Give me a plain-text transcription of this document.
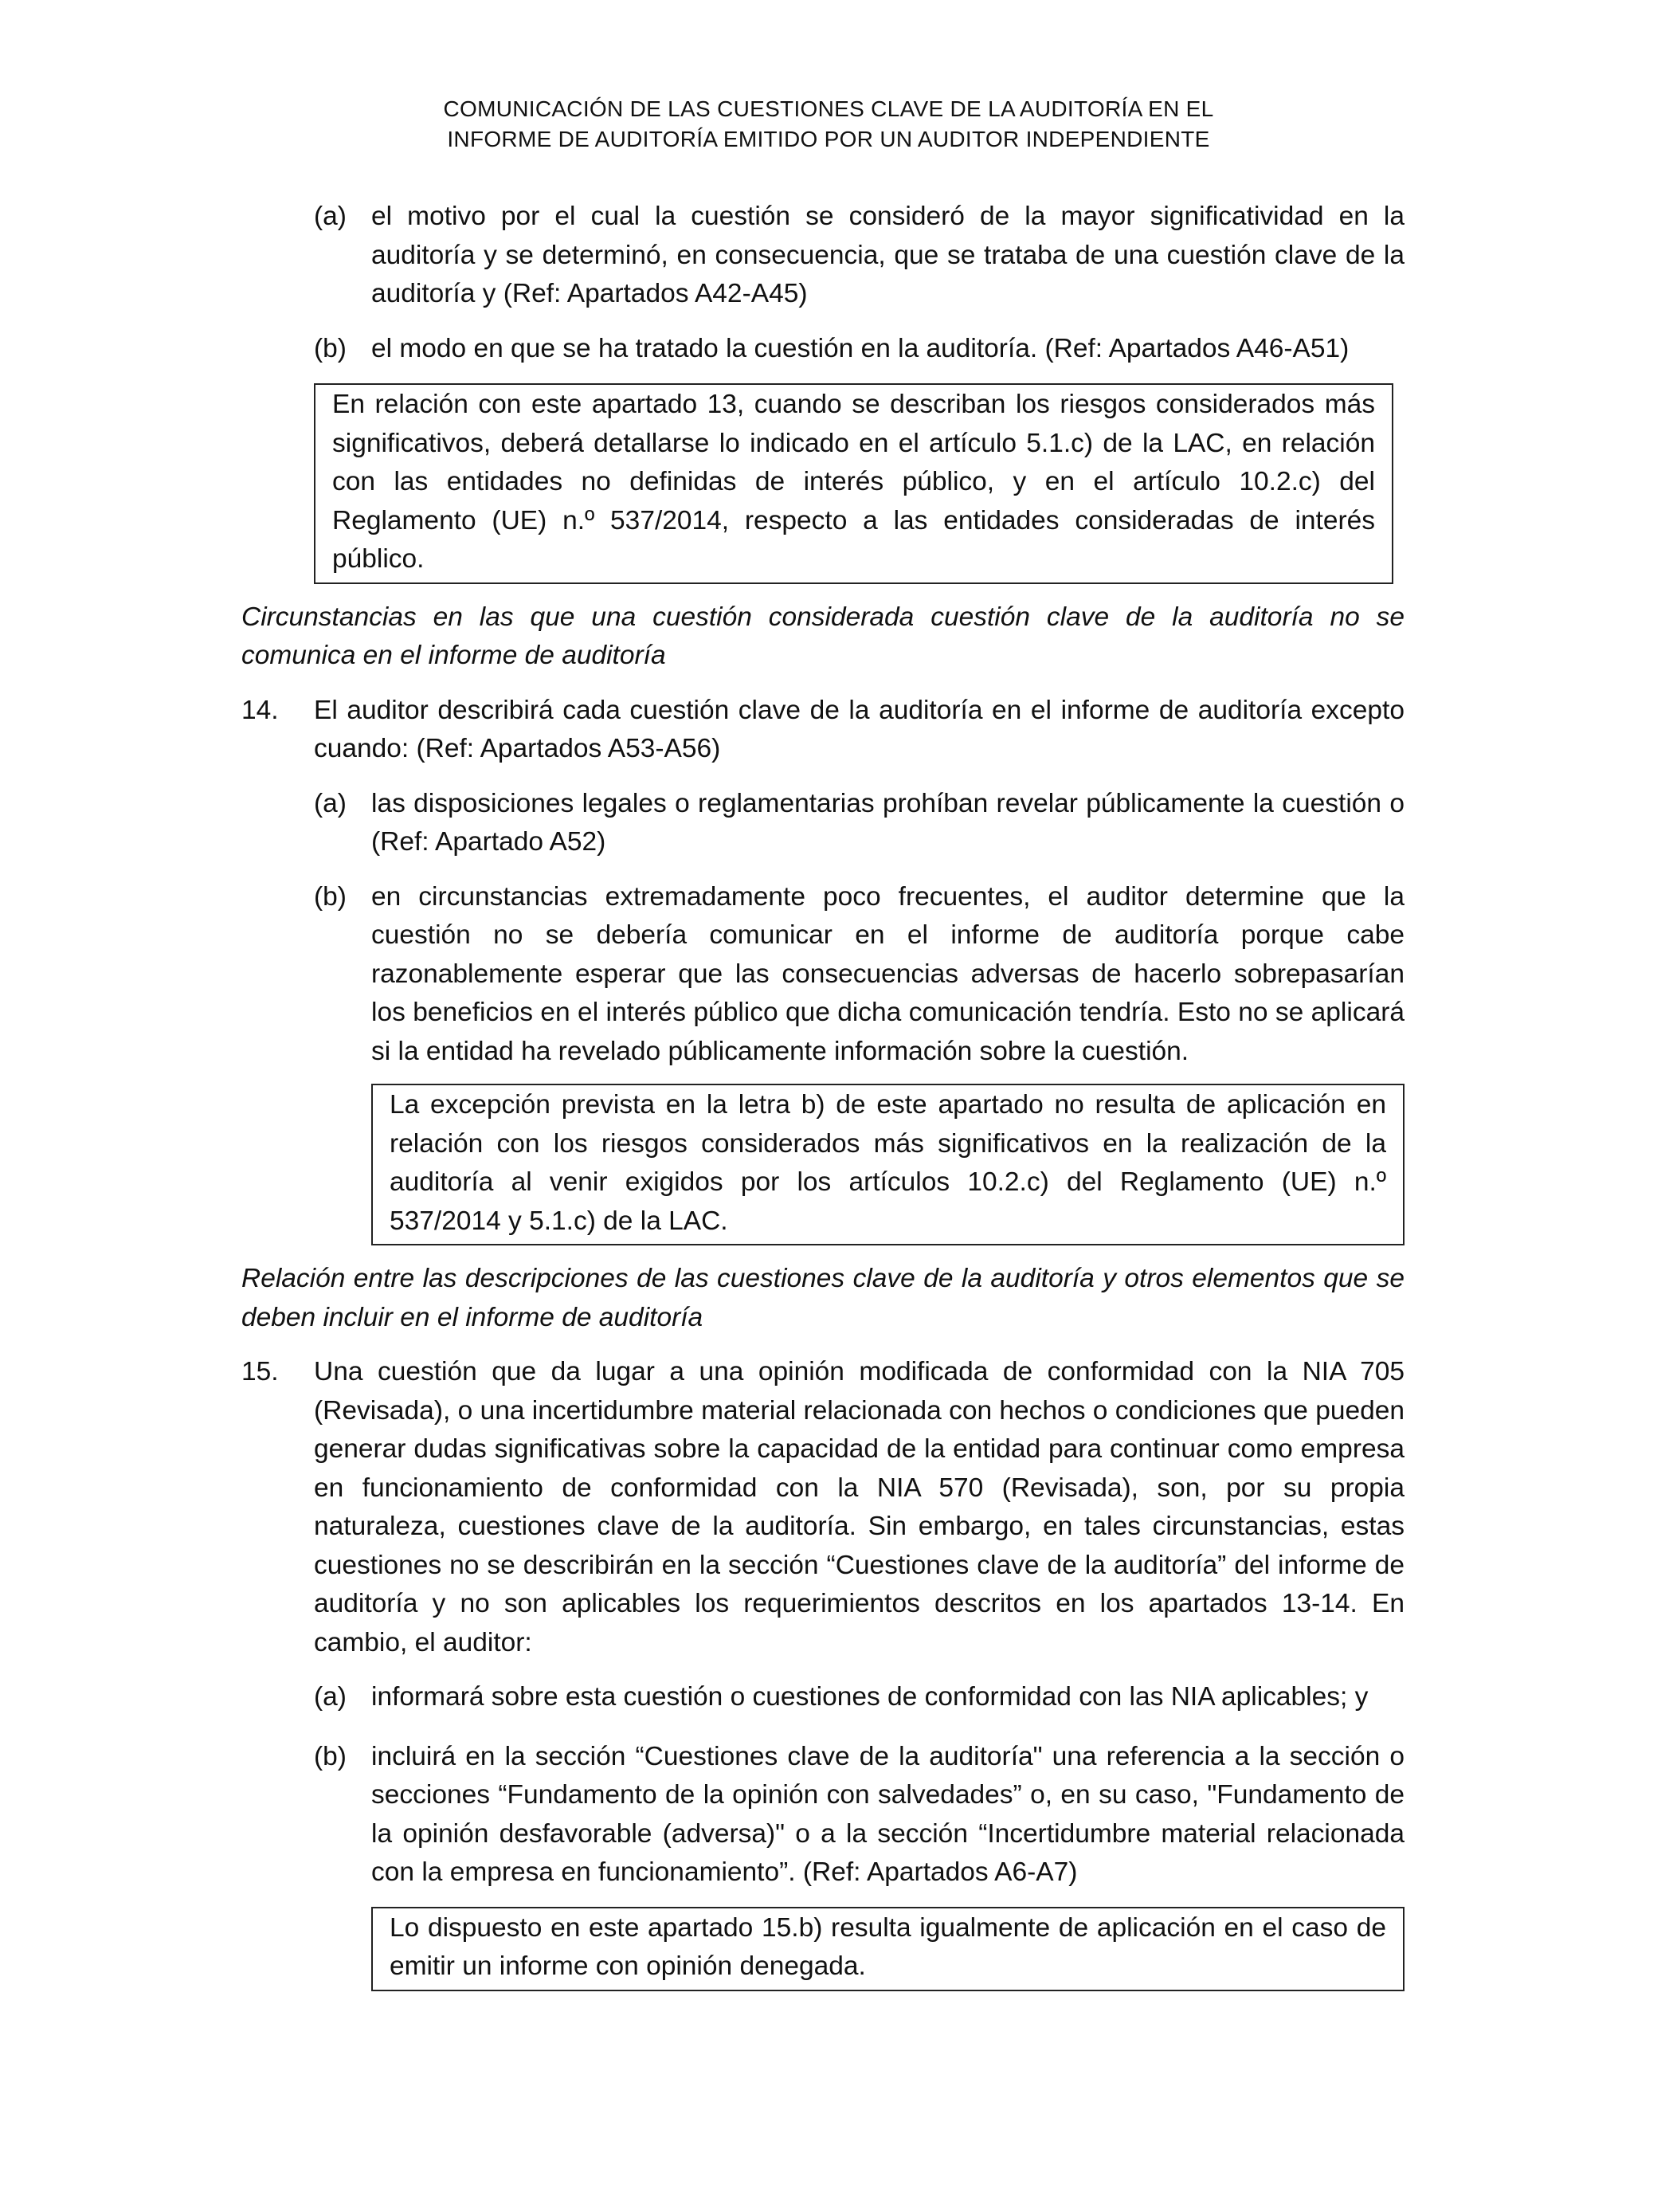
COMUNICACIÓN DE LAS CUESTIONES CLAVE DE LA AUDITORÍA EN EL
INFORME DE AUDITORÍA EMITIDO POR UN AUDITOR INDEPENDIENTE
(a) el motivo por el cual la cuestión se consideró de la mayor significatividad en la auditoría y se determinó, en consecuencia, que se trataba de una cuestión clave de la auditoría y (Ref: Apartados A42-A45)
(b) el modo en que se ha tratado la cuestión en la auditoría. (Ref: Apartados A46-A51)
En relación con este apartado 13, cuando se describan los riesgos considerados más significativos, deberá detallarse lo indicado en el artículo 5.1.c) de la LAC, en relación con las entidades no definidas de interés público, y en el artículo 10.2.c) del Reglamento (UE) n.º 537/2014, respecto a las entidades consideradas de interés público.
Circunstancias en las que una cuestión considerada cuestión clave de la auditoría no se comunica en el informe de auditoría
14. El auditor describirá cada cuestión clave de la auditoría en el informe de auditoría excepto cuando: (Ref: Apartados A53-A56)
(a) las disposiciones legales o reglamentarias prohíban revelar públicamente la cuestión o (Ref: Apartado A52)
(b) en circunstancias extremadamente poco frecuentes, el auditor determine que la cuestión no se debería comunicar en el informe de auditoría porque cabe razonablemente esperar que las consecuencias adversas de hacerlo sobrepasarían los beneficios en el interés público que dicha comunicación tendría. Esto no se aplicará si la entidad ha revelado públicamente información sobre la cuestión.
La excepción prevista en la letra b) de este apartado no resulta de aplicación en relación con los riesgos considerados más significativos en la realización de la auditoría al venir exigidos por los artículos 10.2.c) del Reglamento (UE) n.º 537/2014 y 5.1.c) de la LAC.
Relación entre las descripciones de las cuestiones clave de la auditoría y otros elementos que se deben incluir en el informe de auditoría
15. Una cuestión que da lugar a una opinión modificada de conformidad con la NIA 705 (Revisada), o una incertidumbre material relacionada con hechos o condiciones que pueden generar dudas significativas sobre la capacidad de la entidad para continuar como empresa en funcionamiento de conformidad con la NIA 570 (Revisada), son, por su propia naturaleza, cuestiones clave de la auditoría. Sin embargo, en tales circunstancias, estas cuestiones no se describirán en la sección “Cuestiones clave de la auditoría” del informe de auditoría y no son aplicables los requerimientos descritos en los apartados 13-14. En cambio, el auditor:
(a) informará sobre esta cuestión o cuestiones de conformidad con las NIA aplicables; y
(b) incluirá en la sección “Cuestiones clave de la auditoría" una referencia a la sección o secciones “Fundamento de la opinión con salvedades” o, en su caso, "Fundamento de la opinión desfavorable (adversa)" o a la sección “Incertidumbre material relacionada con la empresa en funcionamiento”. (Ref: Apartados A6-A7)
Lo dispuesto en este apartado 15.b) resulta igualmente de aplicación en el caso de emitir un informe con opinión denegada.
